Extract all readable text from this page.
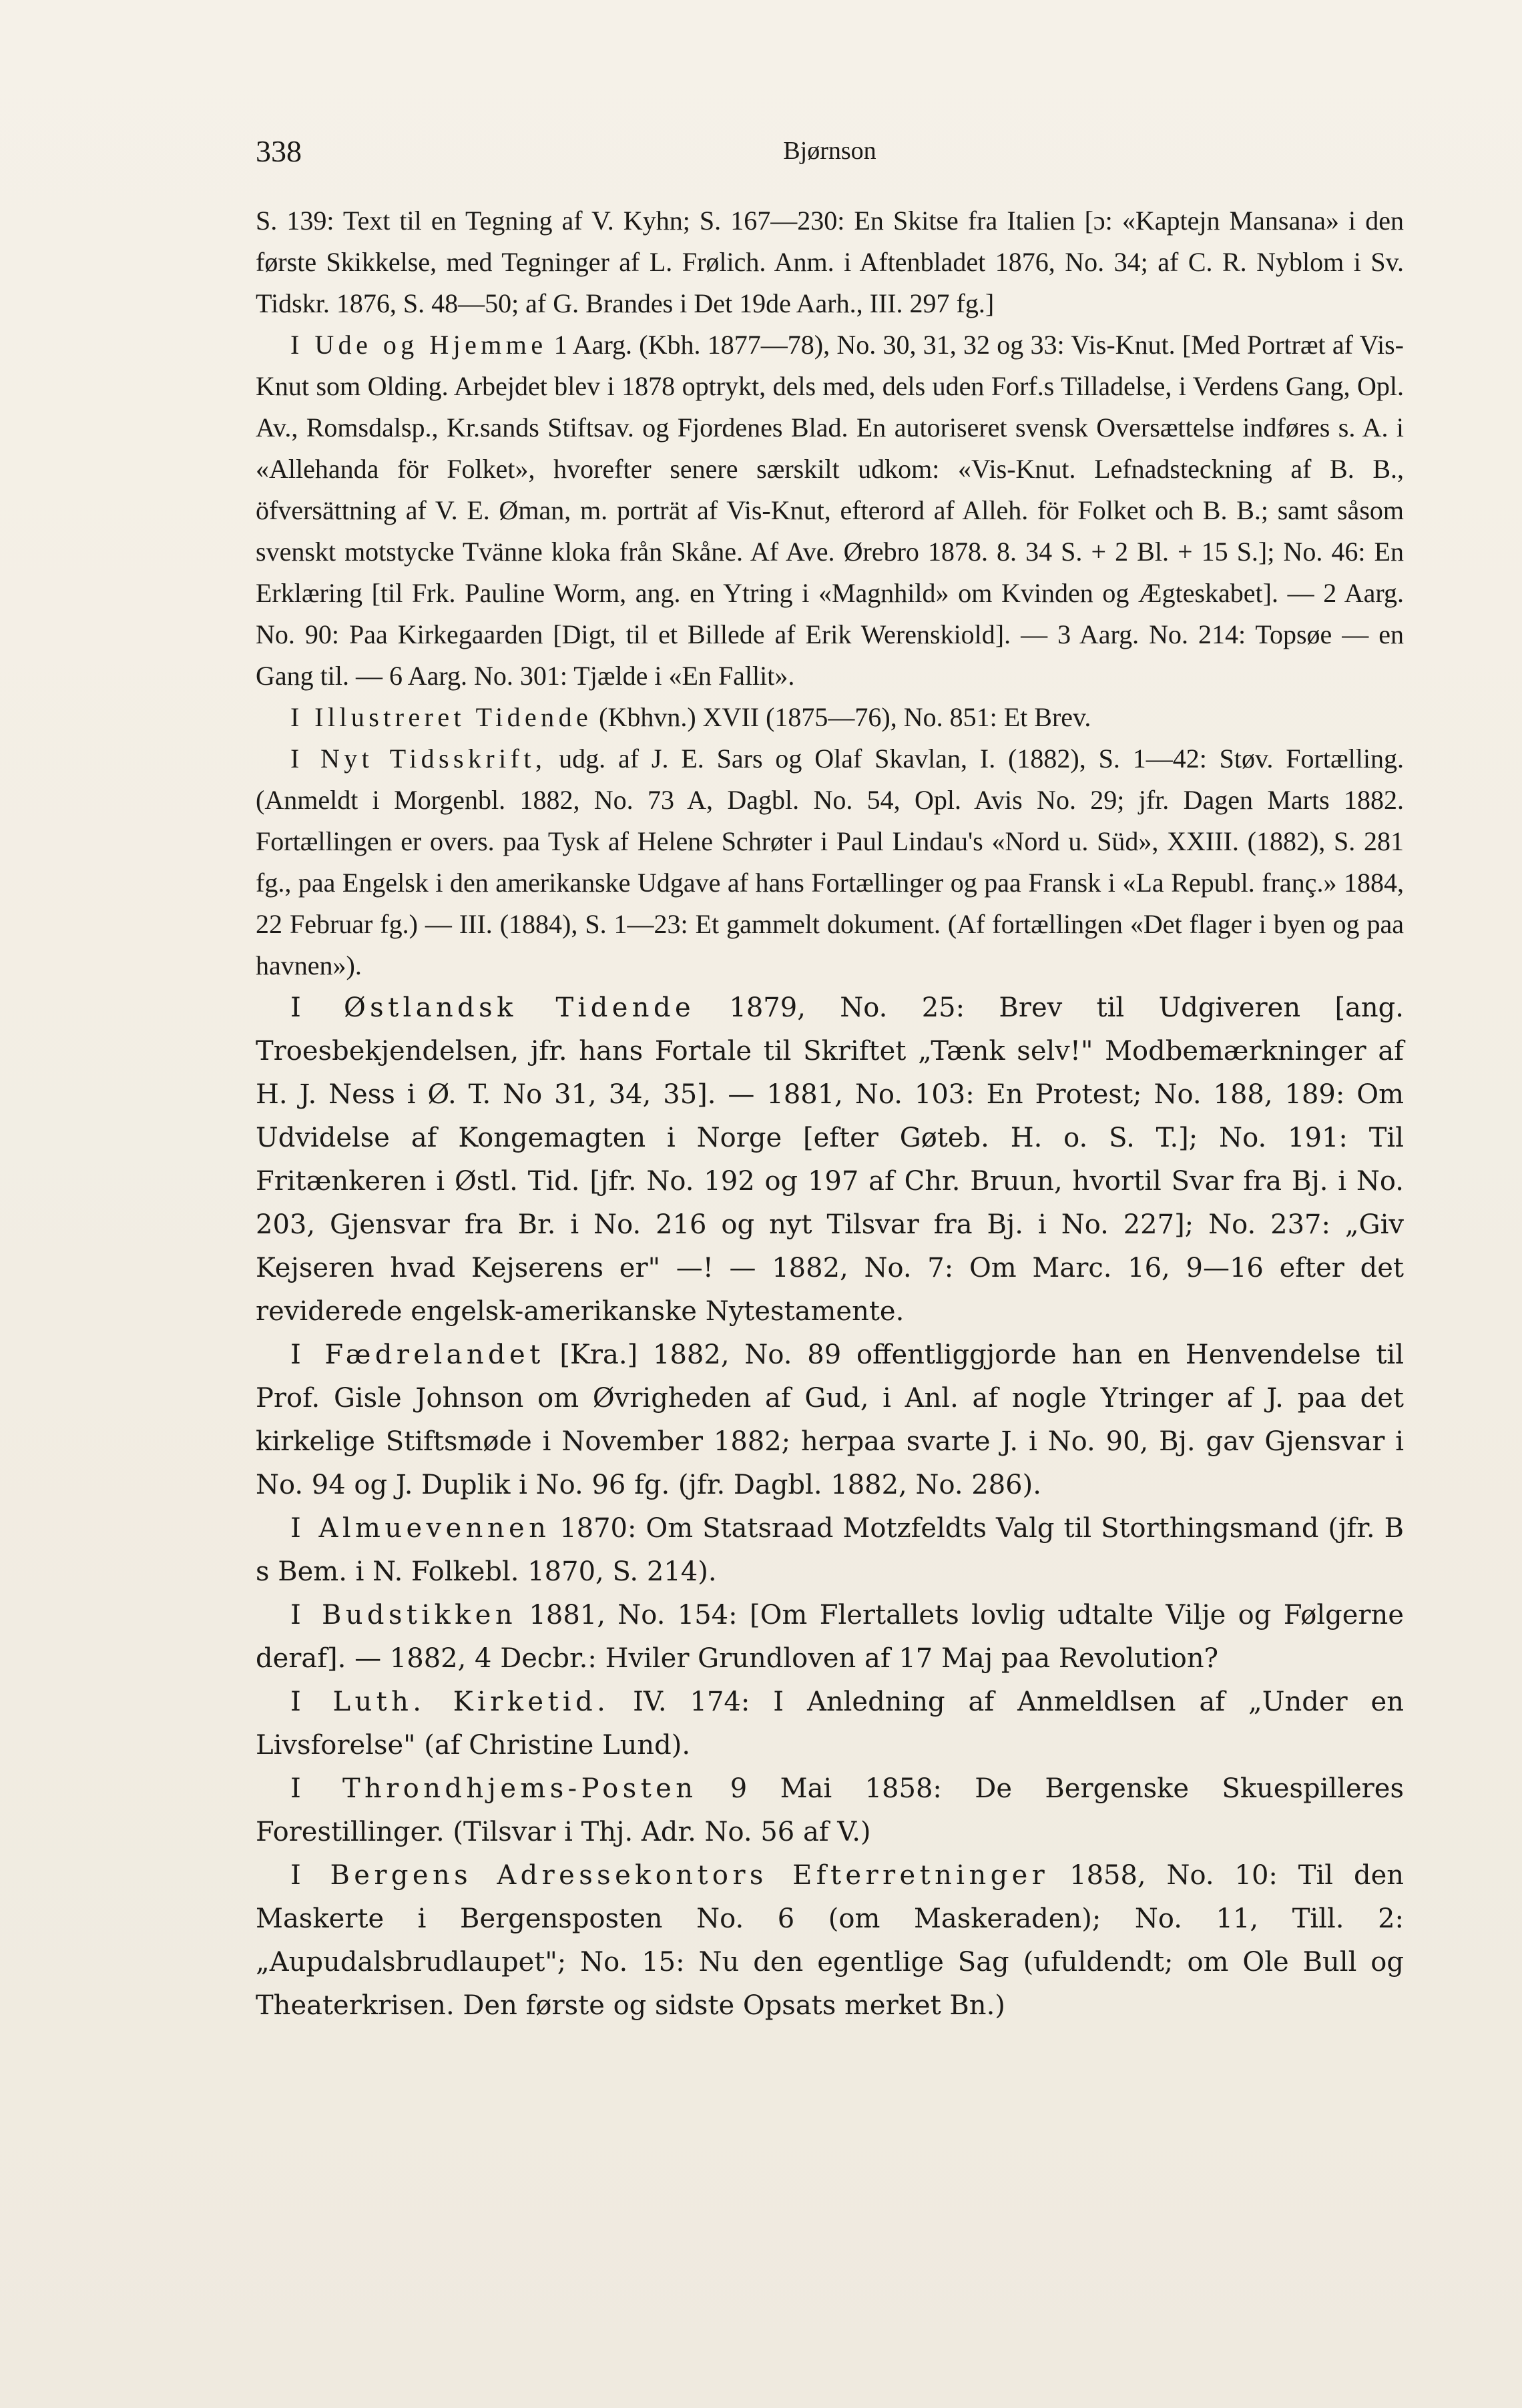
338	Bjørnson

S. 139: Text til en Tegning af V. Kyhn; S. 167—230: En Skitse fra Italien [ɔ: «Kaptejn Mansana» i den første Skikkelse, med Tegninger af L. Frølich. Anm. i Aftenbladet 1876, No. 34; af C. R. Nyblom i Sv. Tidskr. 1876, S. 48—50; af G. Brandes i Det 19de Aarh., III. 297 fg.]

I Ude og Hjemme 1 Aarg. (Kbh. 1877—78), No. 30, 31, 32 og 33: Vis-Knut. [Med Portræt af Vis-Knut som Olding. Arbejdet blev i 1878 optrykt, dels med, dels uden Forf.s Tilladelse, i Verdens Gang, Opl. Av., Romsdalsp., Kr.sands Stiftsav. og Fjordenes Blad. En autoriseret svensk Oversættelse indføres s. A. i «Allehanda för Folket», hvorefter senere særskilt udkom: «Vis-Knut. Lefnadsteckning af B. B., öfversättning af V. E. Øman, m. porträt af Vis-Knut, efterord af Alleh. för Folket och B. B.; samt såsom svenskt motstycke Tvänne kloka från Skåne. Af Ave. Ørebro 1878. 8. 34 S. + 2 Bl. + 15 S.]; No. 46: En Erklæring [til Frk. Pauline Worm, ang. en Ytring i «Magnhild» om Kvinden og Ægteskabet]. — 2 Aarg. No. 90: Paa Kirkegaarden [Digt, til et Billede af Erik Werenskiold]. — 3 Aarg. No. 214: Topsøe — en Gang til. — 6 Aarg. No. 301: Tjælde i «En Fallit».

I Illustreret Tidende (Kbhvn.) XVII (1875—76), No. 851: Et Brev.

I Nyt Tidsskrift, udg. af J. E. Sars og Olaf Skavlan, I. (1882), S. 1—42: Støv. Fortælling. (Anmeldt i Morgenbl. 1882, No. 73 A, Dagbl. No. 54, Opl. Avis No. 29; jfr. Dagen Marts 1882. Fortællingen er overs. paa Tysk af Helene Schrøter i Paul Lindau's «Nord u. Süd», XXIII. (1882), S. 281 fg., paa Engelsk i den amerikanske Udgave af hans Fortællinger og paa Fransk i «La Republ. franç.» 1884, 22 Februar fg.) — III. (1884), S. 1—23: Et gammelt dokument. (Af fortællingen «Det flager i byen og paa havnen»).

I Østlandsk Tidende 1879, No. 25: Brev til Udgiveren [ang. Troesbekjendelsen, jfr. hans Fortale til Skriftet „Tænk selv!" Modbemærkninger af H. J. Ness i Ø. T. No 31, 34, 35]. — 1881, No. 103: En Protest; No. 188, 189: Om Udvidelse af Kongemagten i Norge [efter Gøteb. H. o. S. T.]; No. 191: Til Fritænkeren i Østl. Tid. [jfr. No. 192 og 197 af Chr. Bruun, hvortil Svar fra Bj. i No. 203, Gjensvar fra Br. i No. 216 og nyt Tilsvar fra Bj. i No. 227]; No. 237: „Giv Kejseren hvad Kejserens er" —! — 1882, No. 7: Om Marc. 16, 9—16 efter det reviderede engelsk-amerikanske Nytestamente.

I Fædrelandet [Kra.] 1882, No. 89 offentliggjorde han en Henvendelse til Prof. Gisle Johnson om Øvrigheden af Gud, i Anl. af nogle Ytringer af J. paa det kirkelige Stiftsmøde i November 1882; herpaa svarte J. i No. 90, Bj. gav Gjensvar i No. 94 og J. Duplik i No. 96 fg. (jfr. Dagbl. 1882, No. 286).

I Almuevennen 1870: Om Statsraad Motzfeldts Valg til Storthingsmand (jfr. B s Bem. i N. Folkebl. 1870, S. 214).

I Budstikken 1881, No. 154: [Om Flertallets lovlig udtalte Vilje og Følgerne deraf]. — 1882, 4 Decbr.: Hviler Grundloven af 17 Maj paa Revolution?

I Luth. Kirketid. IV. 174: I Anledning af Anmeldlsen af „Under en Livsforelse" (af Christine Lund).

I Throndhjems-Posten 9 Mai 1858: De Bergenske Skuespilleres Forestillinger. (Tilsvar i Thj. Adr. No. 56 af V.)

I Bergens Adressekontors Efterretninger 1858, No. 10: Til den Maskerte i Bergensposten No. 6 (om Maskeraden); No. 11, Till. 2: „Aupudalsbrudlaupet"; No. 15: Nu den egentlige Sag (ufuldendt; om Ole Bull og Theaterkrisen. Den første og sidste Opsats merket Bn.)
